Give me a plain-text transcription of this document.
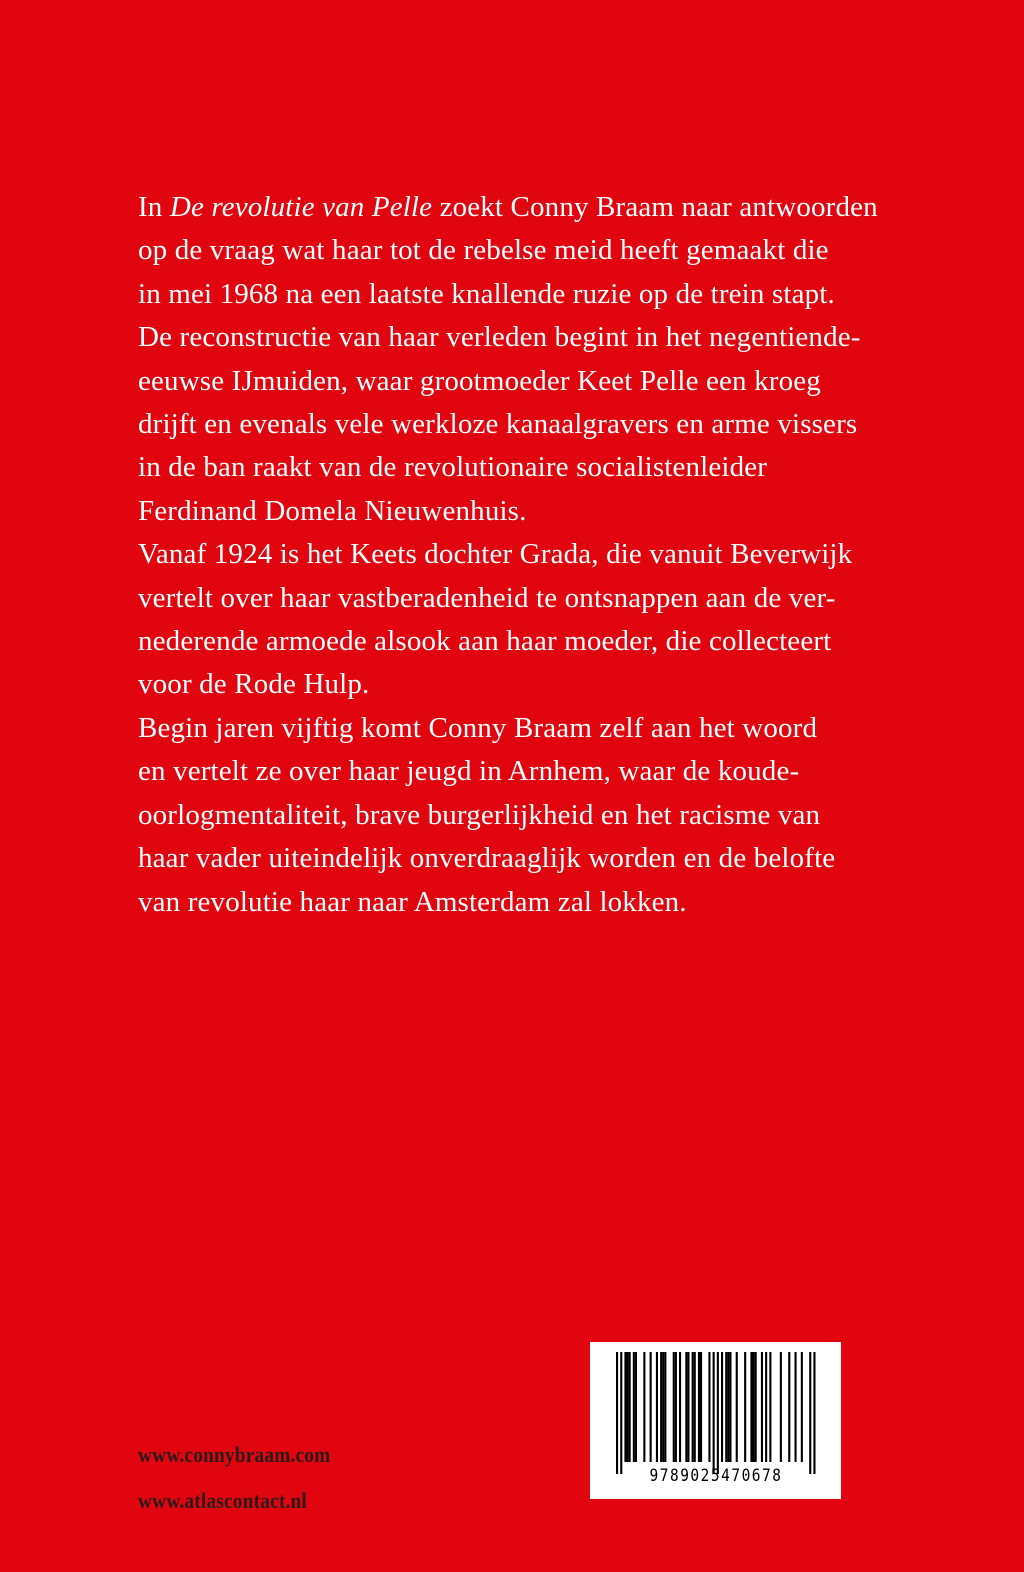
In De revolutie van Pelle zoekt Conny Braam naar antwoorden
op de vraag wat haar tot de rebelse meid heeft gemaakt die
in mei 1968 na een laatste knallende ruzie op de trein stapt.
De reconstructie van haar verleden begint in het negentiende-
eeuwse IJmuiden, waar grootmoeder Keet Pelle een kroeg
drijft en evenals vele werkloze kanaalgravers en arme vissers
in de ban raakt van de revolutionaire socialistenleider
Ferdinand Domela Nieuwenhuis.
Vanaf 1924 is het Keets dochter Grada, die vanuit Beverwijk
vertelt over haar vastberadenheid te ontsnappen aan de ver-
nederende armoede alsook aan haar moeder, die collecteert
voor de Rode Hulp.
Begin jaren vijftig komt Conny Braam zelf aan het woord
en vertelt ze over haar jeugd in Arnhem, waar de koude-
oorlogmentaliteit, brave burgerlijkheid en het racisme van
haar vader uiteindelijk onverdraaglijk worden en de belofte
van revolutie haar naar Amsterdam zal lokken.
www.connybraam.com
www.atlascontact.nl
9789025470678
